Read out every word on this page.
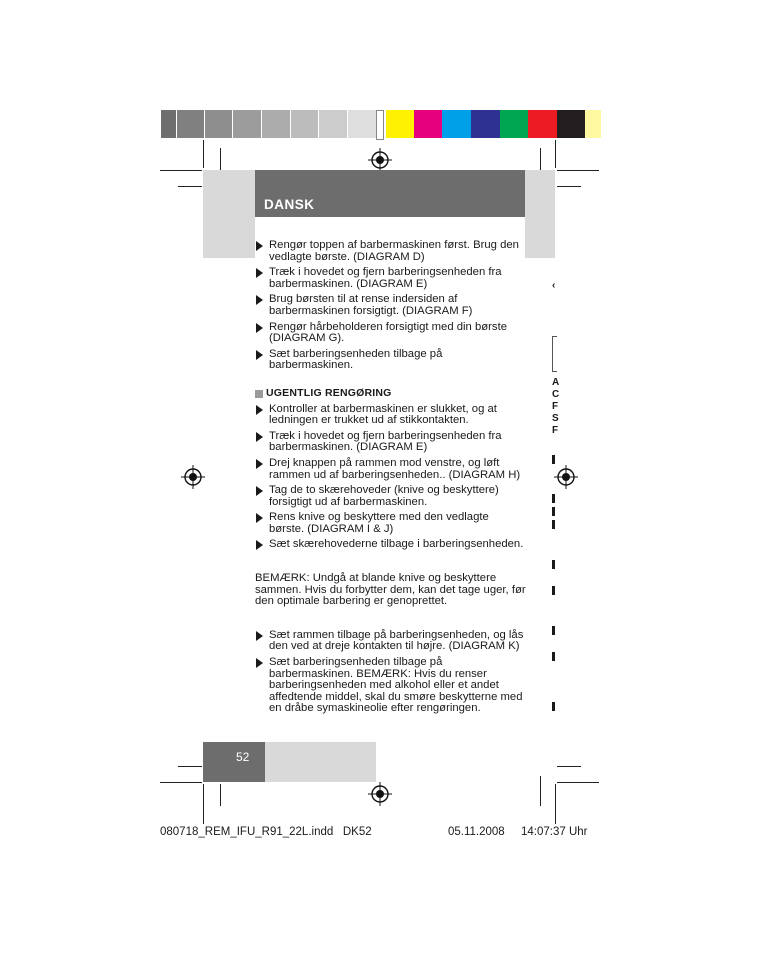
DANSK
‹
A
C
F
S
F
Rengør toppen af barbermaskinen først. Brug den vedlagte børste. (DIAGRAM D)
Træk i hovedet og fjern barberingsenheden fra barbermaskinen. (DIAGRAM E)
Brug børsten til at rense indersiden af barbermaskinen forsigtigt. (DIAGRAM F)
Rengør hårbeholderen forsigtigt med din børste (DIAGRAM G).
Sæt barberingsenheden tilbage på barbermaskinen.
UGENTLIG RENGØRING
Kontroller at barbermaskinen er slukket, og at ledningen er trukket ud af stikkontakten.
Træk i hovedet og fjern barberingsenheden fra barbermaskinen. (DIAGRAM E)
Drej knappen på rammen mod venstre, og løft rammen ud af barberingsenheden.. (DIAGRAM H)
Tag de to skærehoveder (knive og beskyttere) forsigtigt ud af barbermaskinen.
Rens knive og beskyttere med den vedlagte børste. (DIAGRAM I & J)
Sæt skærehovederne tilbage i barberingsenheden.
BEMÆRK: Undgå at blande knive og beskyttere sammen. Hvis du forbytter dem, kan det tage uger, før den optimale barbering er genoprettet.
Sæt rammen tilbage på barberingsenheden, og lås den ved at dreje kontakten til højre. (DIAGRAM K)
Sæt barberingsenheden tilbage på barbermaskinen. BEMÆRK: Hvis du renser barberingsenheden med alkohol eller et andet affedtende middel, skal du smøre beskytterne med en dråbe symaskineolie efter rengøringen.
52
080718_REM_IFU_R91_22L.indd   DK52	05.11.2008 14:07:37 Uhr
